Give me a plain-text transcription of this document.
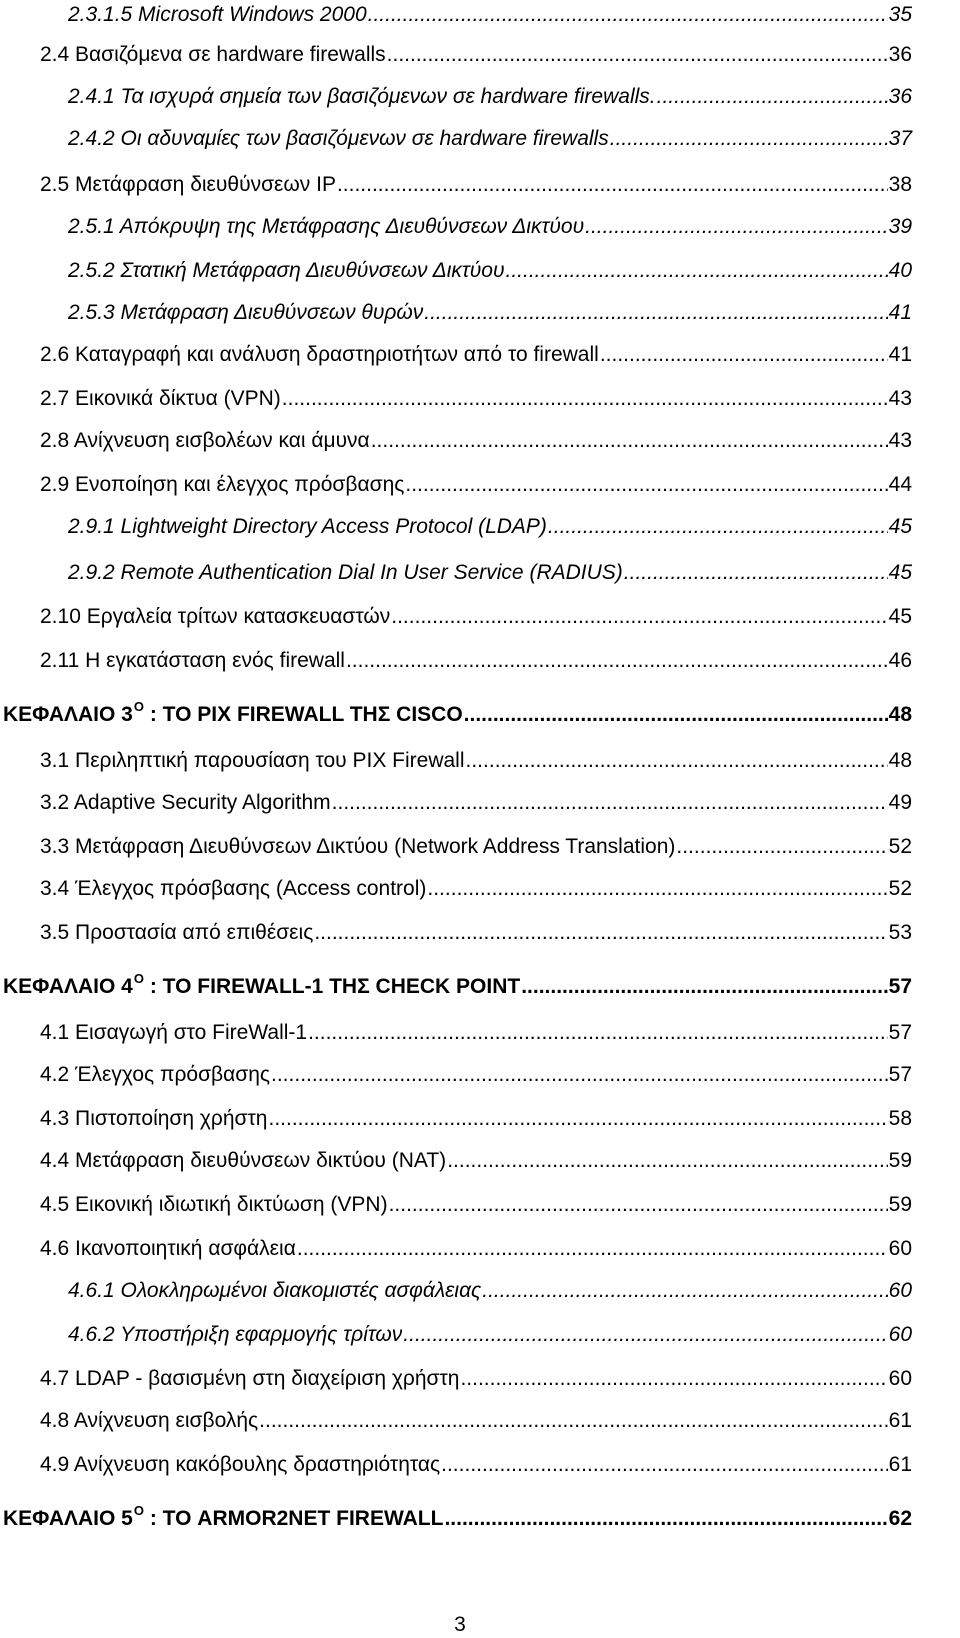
2.3.1.5 Microsoft Windows 2000 .....	35
2.4 Βασιζόμενα σε hardware firewalls .....	36
2.4.1 Τα ισχυρά σημεία των βασιζόμενων σε hardware firewalls. .....	36
2.4.2 Οι αδυναμίες των βασιζόμενων σε hardware firewalls .....	37
2.5 Μετάφραση διευθύνσεων IP .....	38
2.5.1 Απόκρυψη της Μετάφρασης Διευθύνσεων Δικτύου .....	39
2.5.2 Στατική Μετάφραση Διευθύνσεων Δικτύου .....	40
2.5.3 Μετάφραση Διευθύνσεων θυρών .....	41
2.6 Καταγραφή και ανάλυση δραστηριοτήτων από το firewall .....	41
2.7 Εικονικά δίκτυα (VPN) .....	43
2.8 Ανίχνευση εισβολέων και άμυνα .....	43
2.9 Ενοποίηση και έλεγχος πρόσβασης .....	44
2.9.1 Lightweight Directory Access Protocol (LDAP) .....	45
2.9.2 Remote Authentication Dial In User Service (RADIUS) .....	45
2.10 Εργαλεία τρίτων κατασκευαστών .....	45
2.11 Η εγκατάσταση ενός firewall .....	46
ΚΕΦΑΛΑΙΟ $3^O$ : ΤΟ PIX FIREWALL ΤΗΣ CISCO .....	48
3.1 Περιληπτική παρουσίαση του PIX Firewall .....	48
3.2 Adaptive Security Algorithm .....	49
3.3 Μετάφραση Διευθύνσεων Δικτύου (Network Address Translation) .....	52
3.4 Έλεγχος πρόσβασης (Access control) .....	52
3.5 Προστασία από επιθέσεις .....	53
ΚΕΦΑΛΑΙΟ $4^O$ : ΤΟ FIREWALL-1 ΤΗΣ CHECK POINT .....	57
4.1 Εισαγωγή στο FireWall-1 .....	57
4.2 Έλεγχος πρόσβασης .....	57
4.3 Πιστοποίηση χρήστη .....	58
4.4 Μετάφραση διευθύνσεων δικτύου (NAT) .....	59
4.5 Εικονική ιδιωτική δικτύωση (VPN) .....	59
4.6 Ικανοποιητική ασφάλεια .....	60
4.6.1 Ολοκληρωμένοι διακομιστές ασφάλειας .....	60
4.6.2 Υποστήριξη εφαρμογής τρίτων .....	60
4.7 LDAP - βασισμένη στη διαχείριση χρήστη .....	60
4.8 Ανίχνευση εισβολής .....	61
4.9 Ανίχνευση κακόβουλης δραστηριότητας .....	61
ΚΕΦΑΛΑΙΟ $5^O$ : ΤΟ ARMOR2NET FIREWALL .....	62
3
